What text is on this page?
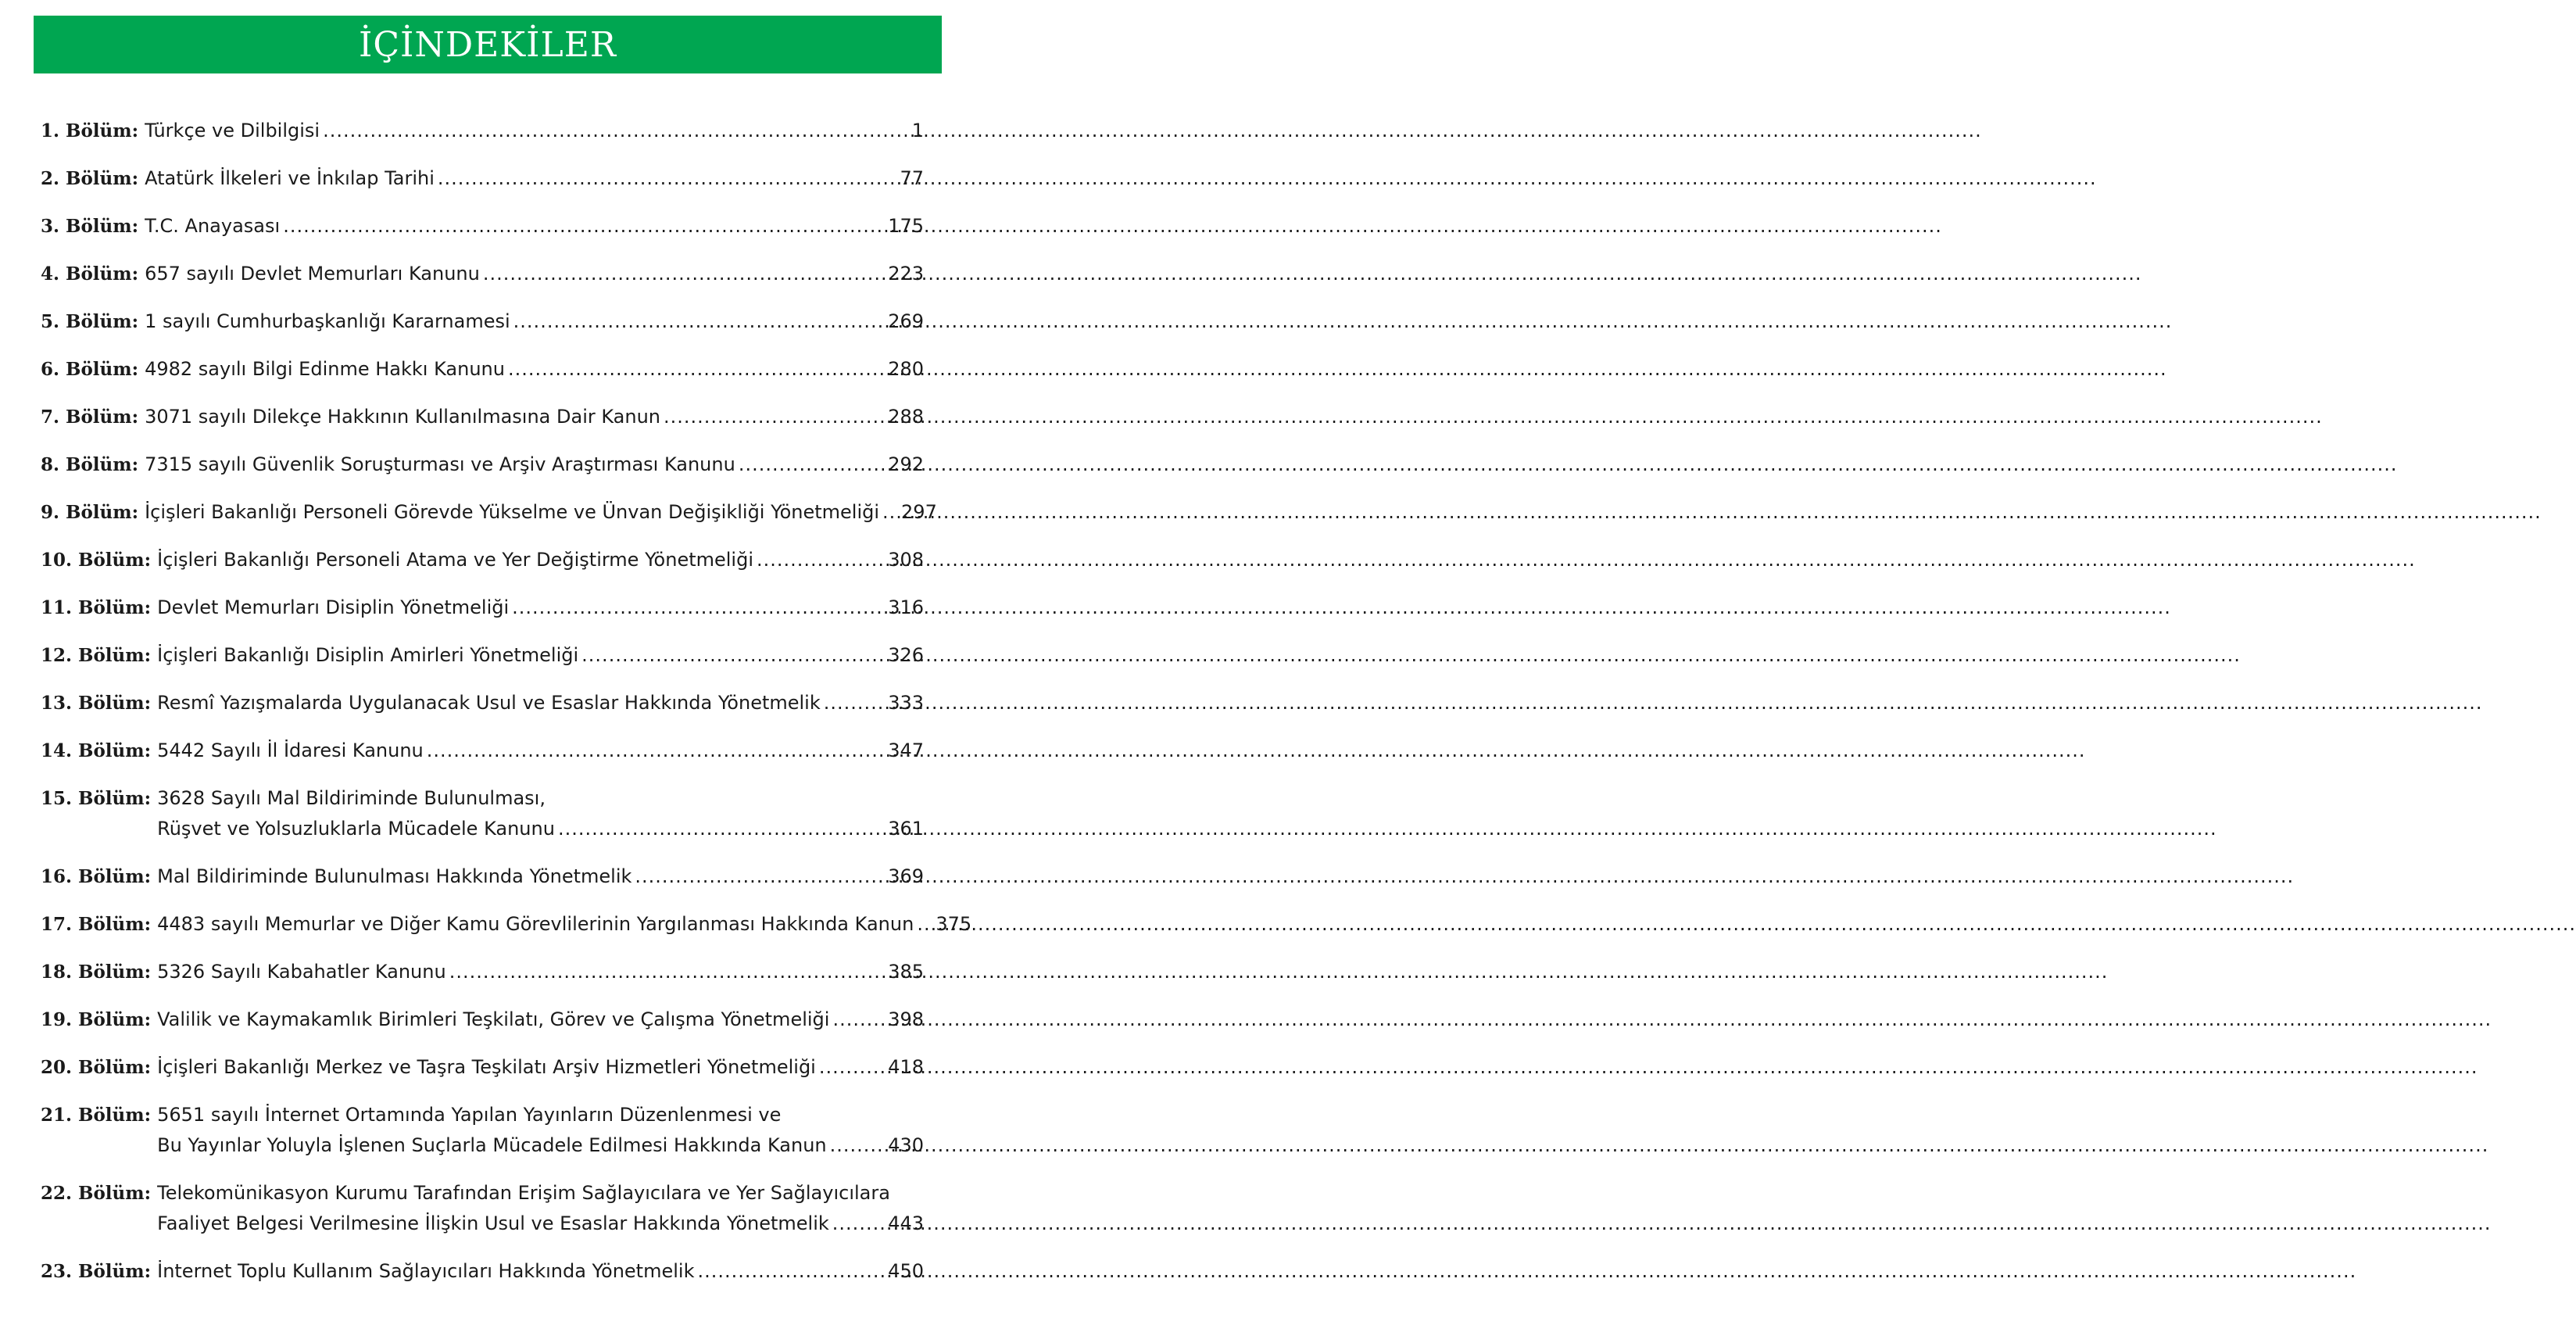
İÇİNDEKİLER
1. Bölüm: Türkçe ve Dilbilgisi .....	1
2. Bölüm: Atatürk İlkeleri ve İnkılap Tarihi .....	77
3. Bölüm: T.C. Anayasası .....	175
4. Bölüm: 657 sayılı Devlet Memurları Kanunu .....	223
5. Bölüm: 1 sayılı Cumhurbaşkanlığı Kararnamesi .....	269
6. Bölüm: 4982 sayılı Bilgi Edinme Hakkı Kanunu .....	280
7. Bölüm: 3071 sayılı Dilekçe Hakkının Kullanılmasına Dair Kanun .....	288
8. Bölüm: 7315 sayılı Güvenlik Soruşturması ve Arşiv Araştırması Kanunu .....	292
9. Bölüm: İçişleri Bakanlığı Personeli Görevde Yükselme ve Ünvan Değişikliği Yönetmeliği ..... 297
10. Bölüm: İçişleri Bakanlığı Personeli Atama ve Yer Değiştirme Yönetmeliği .....	308
11. Bölüm: Devlet Memurları Disiplin Yönetmeliği .....	316
12. Bölüm: İçişleri Bakanlığı Disiplin Amirleri Yönetmeliği .....	326
13. Bölüm: Resmî Yazışmalarda Uygulanacak Usul ve Esaslar Hakkında Yönetmelik .....	333
14. Bölüm: 5442 Sayılı İl İdaresi Kanunu .....	347
15. Bölüm: 3628 Sayılı Mal Bildiriminde Bulunulması,
Rüşvet ve Yolsuzluklarla Mücadele Kanunu .....	361
16. Bölüm: Mal Bildiriminde Bulunulması Hakkında Yönetmelik .....	369
17. Bölüm: 4483 sayılı Memurlar ve Diğer Kamu Görevlilerinin Yargılanması Hakkında Kanun ..... 375
18. Bölüm: 5326 Sayılı Kabahatler Kanunu .....	385
19. Bölüm: Valilik ve Kaymakamlık Birimleri Teşkilatı, Görev ve Çalışma Yönetmeliği .....	398
20. Bölüm: İçişleri Bakanlığı Merkez ve Taşra Teşkilatı Arşiv Hizmetleri Yönetmeliği .....	418
21. Bölüm: 5651 sayılı İnternet Ortamında Yapılan Yayınların Düzenlenmesi ve
Bu Yayınlar Yoluyla İşlenen Suçlarla Mücadele Edilmesi Hakkında Kanun .....	430
22. Bölüm: Telekomünikasyon Kurumu Tarafından Erişim Sağlayıcılara ve Yer Sağlayıcılara
Faaliyet Belgesi Verilmesine İlişkin Usul ve Esaslar Hakkında Yönetmelik .....	443
23. Bölüm: İnternet Toplu Kullanım Sağlayıcıları Hakkında Yönetmelik .....	450
